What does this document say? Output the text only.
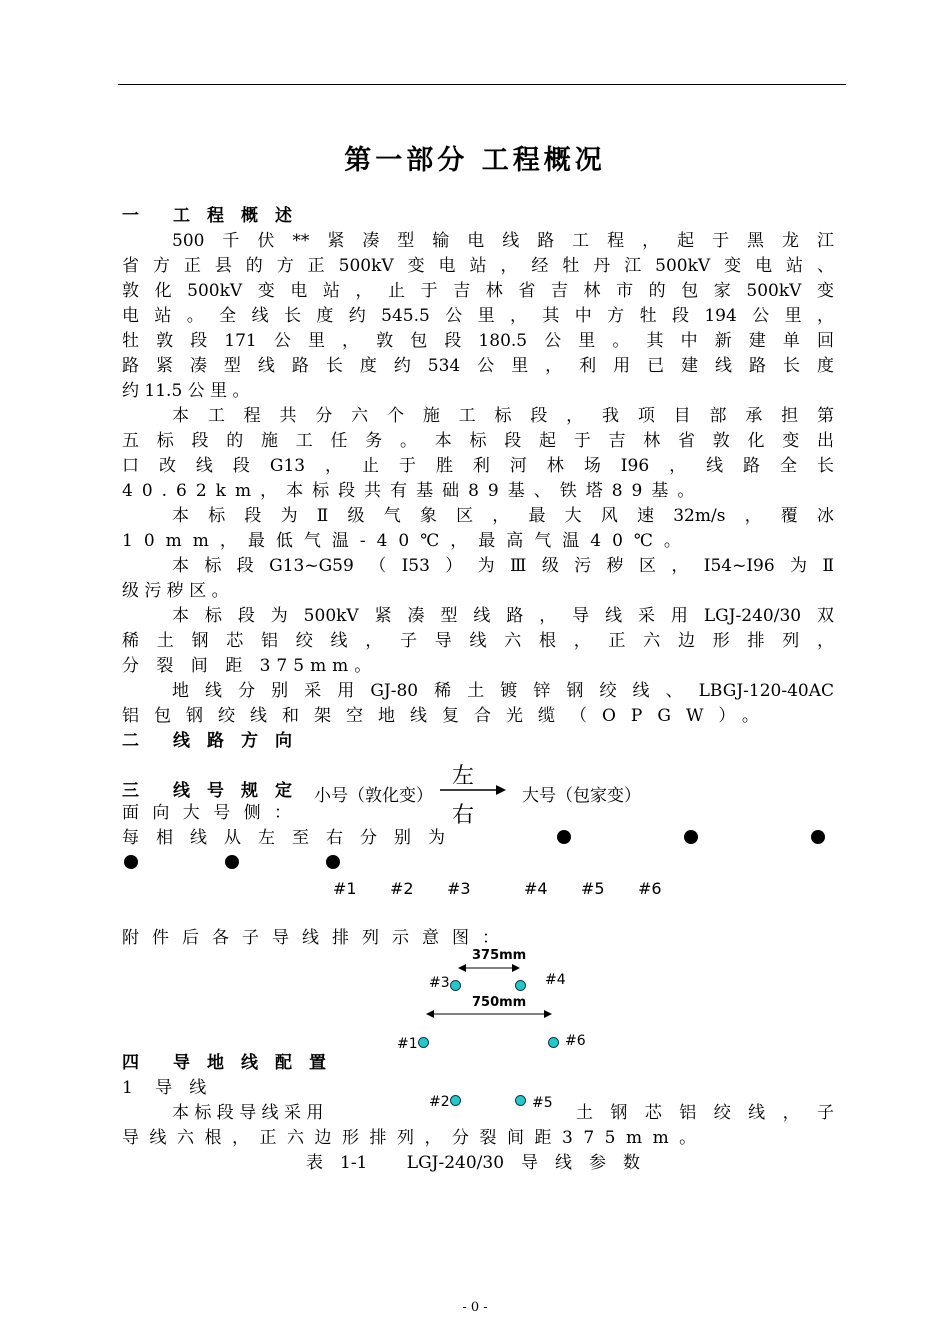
第一部分 工程概况
一　　工　程　概　述
500千伏**紧凑型输电线路工程，起于黑龙江
省方正县的方正500kV变电站，经牡丹江500kV变电站、
敦化500kV变电站，止于吉林省吉林市的包家500kV变
电站。全线长度约545.5公里，其中方牡段194公里，
牡敦段171公里，敦包段180.5公里。其中新建单回
路紧凑型线路长度约534公里，利用已建线路长度
约 11.5 公 里 。
本工程共分六个施工标段，我项目部承担第
五标段的施工任务。本标段起于吉林省敦化变出
口改线段G13，止于胜利河林场I96，线路全长
40.62km，本标段共有基础89基、铁塔89基。
本标段为Ⅱ级气象区，最大风速32m/s，覆冰
10mm，最低气温-40℃，最高气温40℃。
本标段G13~G59（I53）为Ⅲ级污秽区，I54~I96为Ⅱ
级 污 秽 区 。
本标段为500kV紧凑型线路，导线采用LGJ-240/30双
稀土钢芯铝绞线，子导线六根，正六边形排列，
分 裂 间 距 375mm。
地线分别采用GJ-80稀土镀锌钢绞线、LBGJ-120-40AC
铝包钢绞线和架空地线复合光缆（OPGW）。
二　　线　路　方　向
三　　线　号　规　定	小号（敦化变）
左
右
大号（包家变）
面 向 大 号 侧 ：
每　相　线　从　左　至　右　分　别　为
#1 #2 #3	#4 #5 #6
附件后各子导线排列示意图：
375mm
#3	#4
750mm
#1	#6
#2	#5
四　　导　地　线　配　置
1　 导　线
本 标 段 导 线 采 用	土 钢 芯 铝 绞 线 ， 子
导线六根，正六边形排列，分裂间距375mm。
表　1-1　　 LGJ-240/30　导　线　参　数
- 0 -
